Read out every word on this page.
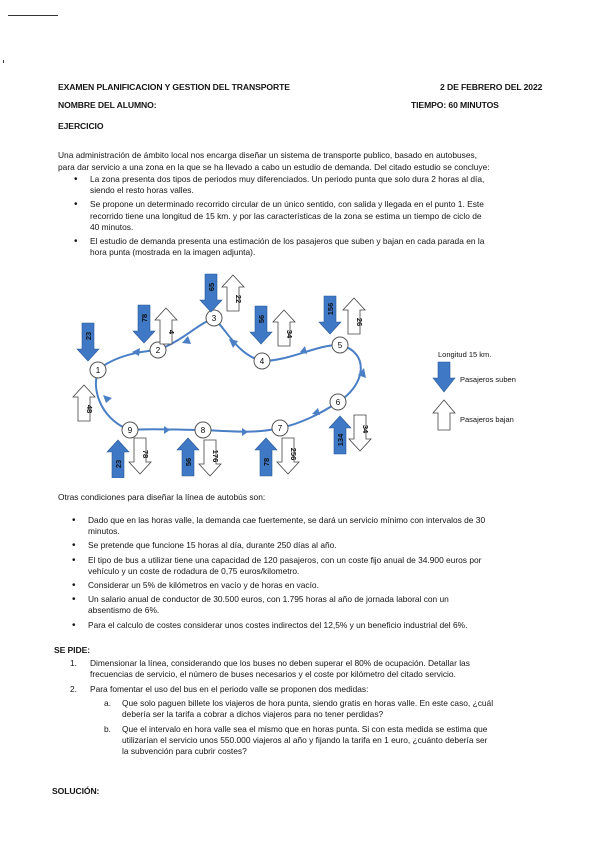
EXAMEN PLANIFICACION Y GESTION DEL TRANSPORTE	2 DE FEBRERO DEL 2022
NOMBRE DEL ALUMNO:	TIEMPO: 60 MINUTOS
EJERCICIO
Una administración de ámbito local nos encarga diseñar un sistema de transporte publico, basado en autobuses,
para dar servicio a una zona en la que se ha llevado a cabo un estudio de demanda. Del citado estudio se concluye:
• La zona presenta dos tipos de periodos muy diferenciados. Un periodo punta que solo dura 2 horas al día,
siendo el resto horas valles.
• Se propone un determinado recorrido circular de un único sentido, con salida y llegada en el punto 1. Este
recorrido tiene una longitud de 15 km. y por las características de la zona se estima un tiempo de ciclo de
40 minutos.
• El estudio de demanda presenta una estimación de los pasajeros que suben y bajan en cada parada en la
hora punta (mostrada en la imagen adjunta).
1
2
3
4
5
6
7
8
9
23
48
78
4
65
22
56
34
156
26
134
34
78
256
56 176
23
78
Longitud 15 km.
Pasajeros suben
Pasajeros bajan
Otras condiciones para diseñar la línea de autobús son:
• Dado que en las horas valle, la demanda cae fuertemente, se dará un servicio mínimo con intervalos de 30
minutos.
• Se pretende que funcione 15 horas al día, durante 250 días al año.
• El tipo de bus a utilizar tiene una capacidad de 120 pasajeros, con un coste fijo anual de 34.900 euros por
vehículo y un coste de rodadura de 0,75 euros/kilometro.
• Considerar un 5% de kilómetros en vacío y de horas en vacío.
• Un salario anual de conductor de 30.500 euros, con 1.795 horas al año de jornada laboral con un
absentismo de 6%.
• Para el calculo de costes considerar unos costes indirectos del 12,5% y un beneficio industrial del 6%.
SE PIDE:
1. Dimensionar la línea, considerando que los buses no deben superar el 80% de ocupación. Detallar las
frecuencias de servicio, el número de buses necesarios y el coste por kilómetro del citado servicio.
2.	Para fomentar el uso del bus en el periodo valle se proponen dos medidas:
a. Que solo paguen billete los viajeros de hora punta, siendo gratis en horas valle. En este caso, ¿cuál
debería ser la tarifa a cobrar a dichos viajeros para no tener perdidas?
b. Que el intervalo en hora valle sea el mismo que en horas punta. Si con esta medida se estima que
utilizarían el servicio unos 550.000 viajeros al año y fijando la tarifa en 1 euro, ¿cuánto debería ser
la subvención para cubrir costes?
SOLUCIÓN:
